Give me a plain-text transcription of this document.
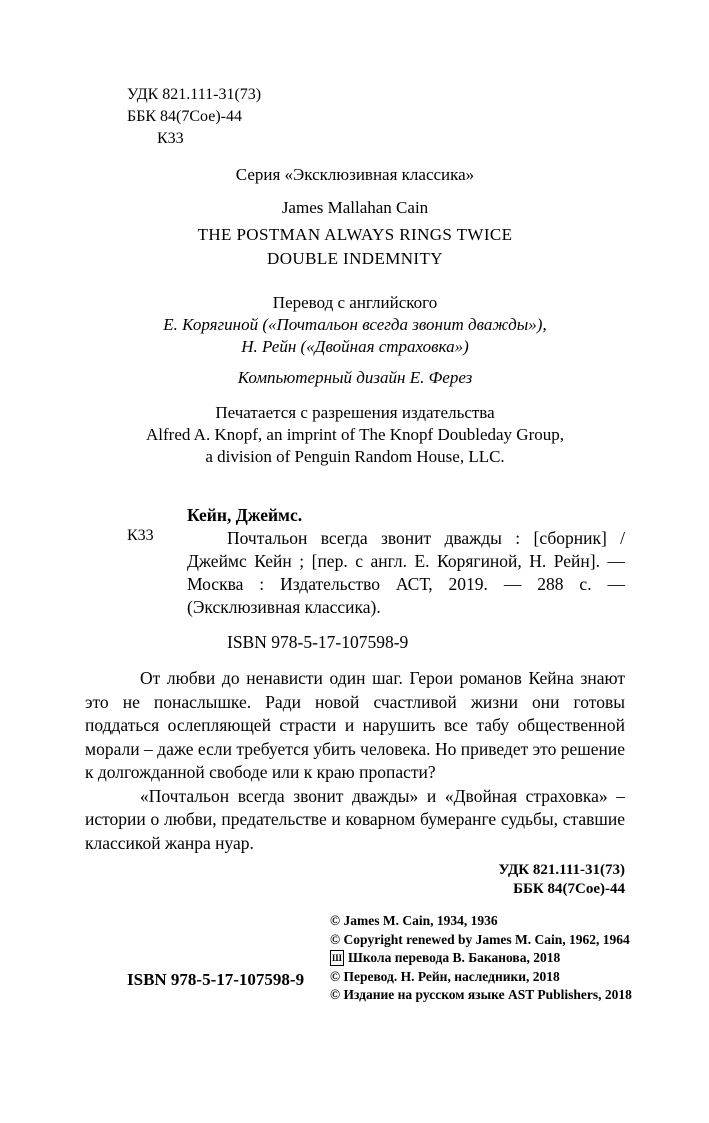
УДК 821.111-31(73)
ББК 84(7Сое)-44
К33
Серия «Эксклюзивная классика»
James Mallahan Cain
THE POSTMAN ALWAYS RINGS TWICE
DOUBLE INDEMNITY
Перевод с английского
Е. Корягиной («Почтальон всегда звонит дважды»),
Н. Рейн («Двойная страховка»)
Компьютерный дизайн Е. Ферез
Печатается с разрешения издательства
Alfred A. Knopf, an imprint of The Knopf Doubleday Group,
a division of Penguin Random House, LLC.
Кейн, Джеймс.
К33	Почтальон всегда звонит дважды : [сборник] / Джеймс Кейн ; [пер. с англ. Е. Корягиной, Н. Рейн]. — Москва : Издательство АСТ, 2019. — 288 с. — (Эксклюзивная классика).

ISBN 978-5-17-107598-9

От любви до ненависти один шаг. Герои романов Кейна знают это не понаслышке. Ради новой счастливой жизни они готовы поддаться ослепляющей страсти и нарушить все табу общественной морали – даже если требуется убить человека. Но приведет это решение к долгожданной свободе или к краю пропасти?

«Почтальон всегда звонит дважды» и «Двойная страховка» – истории о любви, предательстве и коварном бумеранге судьбы, ставшие классикой жанра нуар.

УДК 821.111-31(73)
ББК 84(7Сое)-44
ISBN 978-5-17-107598-9
© James M. Cain, 1934, 1936
© Copyright renewed by James M. Cain, 1962, 1964
Ш Школа перевода В. Баканова, 2018
© Перевод. Н. Рейн, наследники, 2018
© Издание на русском языке AST Publishers, 2018
